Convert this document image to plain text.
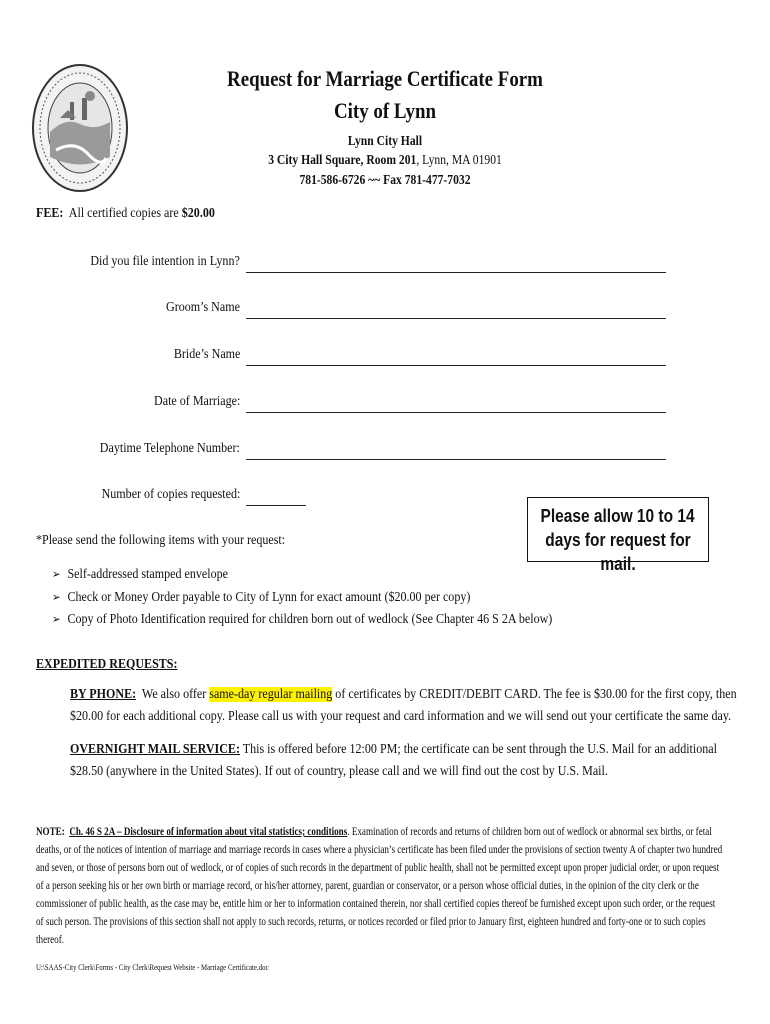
Request for Marriage Certificate Form
City of Lynn
Lynn City Hall
3 City Hall Square, Room 201, Lynn, MA 01901
781-586-6726 ~~ Fax 781-477-7032
FEE:  All certified copies are $20.00
Did you file intention in Lynn?
Groom’s Name
Bride’s Name
Date of Marriage:
Daytime Telephone Number:
Number of copies requested:
Please allow 10 to 14
days for request for mail.
*Please send the following items with your request:
➢ Self-addressed stamped envelope
➢ Check or Money Order payable to City of Lynn for exact amount ($20.00 per copy)
➢ Copy of Photo Identification required for children born out of wedlock (See Chapter 46 S 2A below)
EXPEDITED REQUESTS:
BY PHONE:  We also offer same-day regular mailing of certificates by CREDIT/DEBIT CARD. The fee is $30.00 for the first copy, then $20.00 for each additional copy. Please call us with your request and card information and we will send out your certificate the same day.
OVERNIGHT MAIL SERVICE: This is offered before 12:00 PM; the certificate can be sent through the U.S. Mail for an additional $28.50 (anywhere in the United States). If out of country, please call and we will find out the cost by U.S. Mail.
NOTE: Ch. 46 S 2A – Disclosure of information about vital statistics; conditions. Examination of records and returns of children born out of wedlock or abnormal sex births, or fetal deaths, or of the notices of intention of marriage and marriage records in cases where a physician’s certificate has been filed under the provisions of section twenty A of chapter two hundred and seven, or those of persons born out of wedlock, or of copies of such records in the department of public health, shall not be permitted except upon proper judicial order, or upon request of a person seeking his or her own birth or marriage record, or his/her attorney, parent, guardian or conservator, or a person whose official duties, in the opinion of the city clerk or the commissioner of public health, as the case may be, entitle him or her to information contained therein, nor shall certified copies thereof be furnished except upon such order, or the request of such person. The provisions of this section shall not apply to such records, returns, or notices recorded or filed prior to January first, eighteen hundred and forty-one or to such copies thereof.
U:\SAAS-City Clerk\Forms - City Clerk\Request Website - Marriage Certificate.doc
